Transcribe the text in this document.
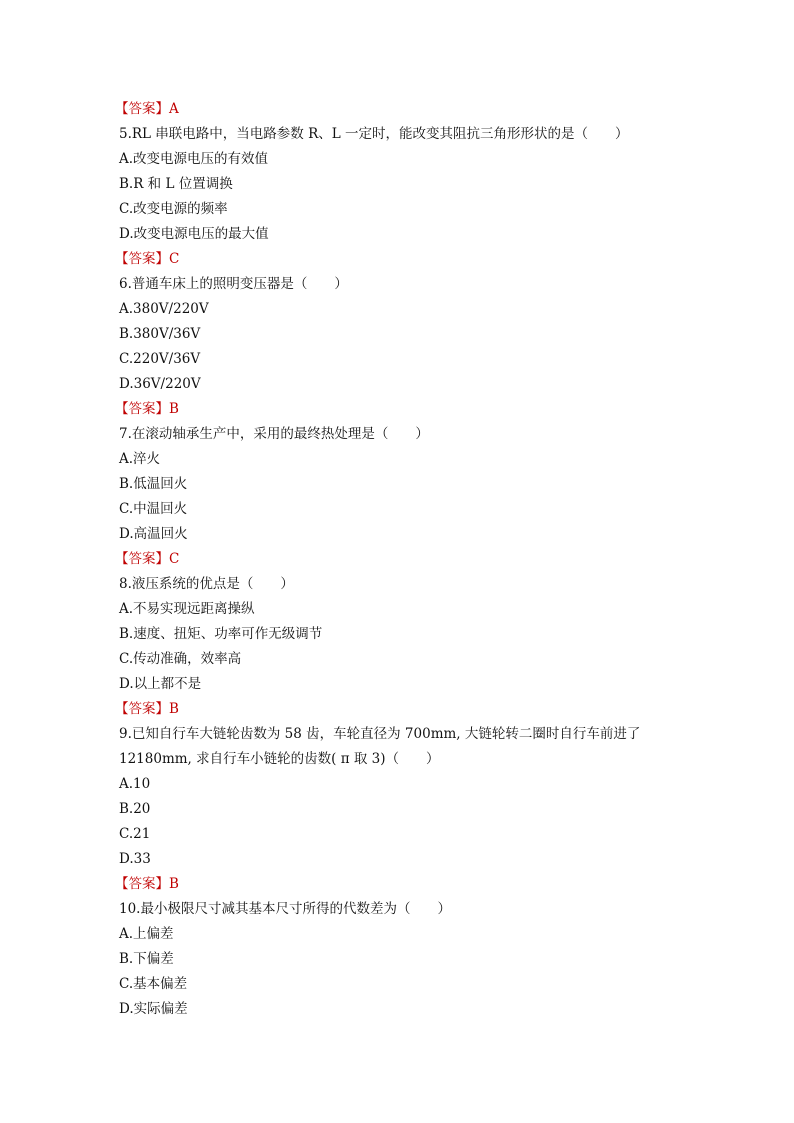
【答案】A
5.RL 串联电路中，当电路参数 R、L 一定时，能改变其阻抗三角形形状的是（　　）
A.改变电源电压的有效值
B.R 和 L 位置调换
C.改变电源的频率
D.改变电源电压的最大值
【答案】C
6.普通车床上的照明变压器是（　　）
A.380V/220V
B.380V/36V
C.220V/36V
D.36V/220V
【答案】B
7.在滚动轴承生产中，采用的最终热处理是（　　）
A.淬火
B.低温回火
C.中温回火
D.高温回火
【答案】C
8.液压系统的优点是（　　）
A.不易实现远距离操纵
B.速度、扭矩、功率可作无级调节
C.传动准确，效率高
D.以上都不是
【答案】B
9.已知自行车大链轮齿数为 58 齿，车轮直径为 700mm, 大链轮转二圈时自行车前进了
12180mm, 求自行车小链轮的齿数( π 取 3)（　　）
A.10
B.20
C.21
D.33
【答案】B
10.最小极限尺寸减其基本尺寸所得的代数差为（　　）
A.上偏差
B.下偏差
C.基本偏差
D.实际偏差
